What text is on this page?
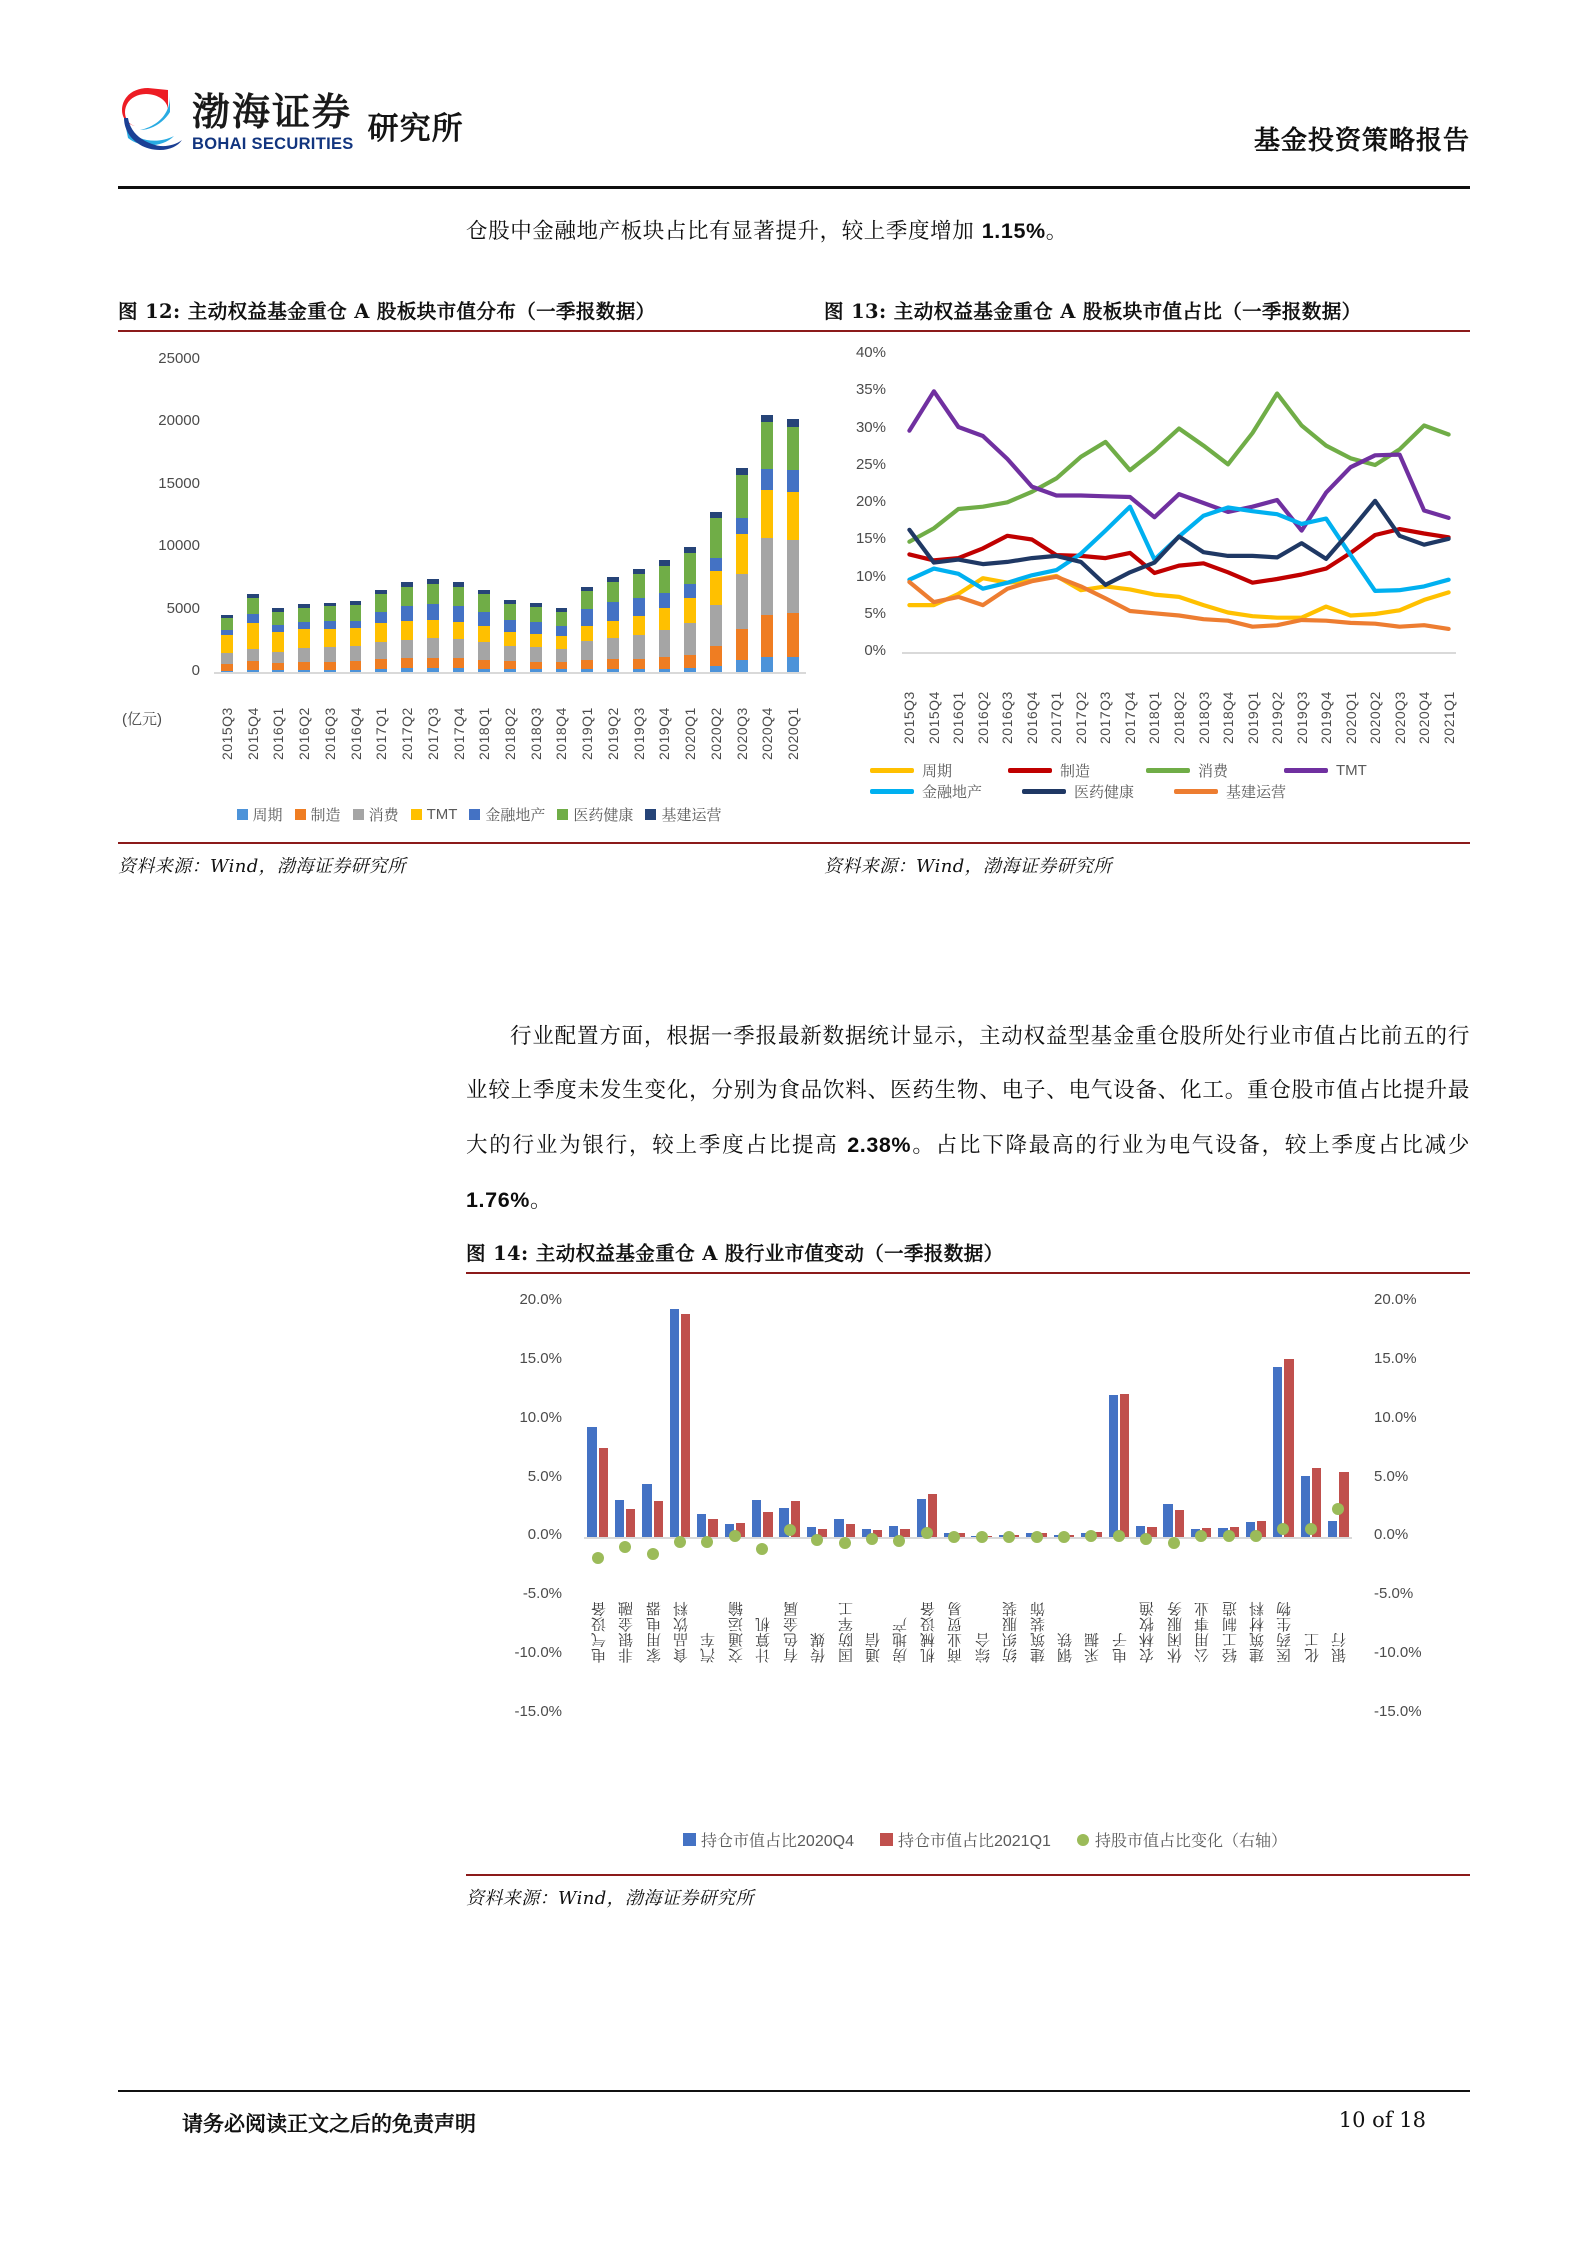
渤海证券
BOHAI SECURITIES 研究所	基金投资策略报告
仓股中金融地产板块占比有显著提升，较上季度增加 1.15%。
图 12: 主动权益基金重仓 A 股板块市值分布（一季报数据）
25000
20000
15000
10000
5000
0
(亿元)	2015Q3 2015Q4 2016Q1 2016Q2 2016Q3 2016Q4 2017Q1 2017Q2 2017Q3 2017Q4 2018Q1 2018Q2 2018Q3 2018Q4 2019Q1 2019Q2 2019Q3 2019Q4 2020Q1 2020Q2 2020Q3 2020Q4 2020Q1
周期 制造 消费 TMT 金融地产 医药健康 基建运营
资料来源：Wind，渤海证券研究所
图 13: 主动权益基金重仓 A 股板块市值占比（一季报数据）
0%
5%
10%
15%
20%
25%
30%
35%
40%
2015Q3 2015Q4 2016Q1 2016Q2 2016Q3 2016Q4 2017Q1 2017Q2 2017Q3 2017Q4 2018Q1 2018Q2 2018Q3 2018Q4 2019Q1 2019Q2 2019Q3 2019Q4 2020Q1 2020Q2 2020Q3 2020Q4 2021Q1
周期	制造	消费	TMT
金融地产	医药健康	基建运营
资料来源：Wind，渤海证券研究所
行业配置方面，根据一季报最新数据统计显示，主动权益型基金重仓股所处行业市值占比前五的行业较上季度未发生变化，分别为食品饮料、医药生物、电子、电气设备、化工。重仓股市值占比提升最大的行业为银行，较上季度占比提高 2.38%。占比下降最高的行业为电气设备，较上季度占比减少 1.76%。
图 14: 主动权益基金重仓 A 股行业市值变动（一季报数据）
-15.0%	-15.0%
-10.0%	-10.0%
-5.0%	-5.0%
0.0%	0.0%
5.0%	5.0%
10.0%	10.0%
15.0%	15.0%
20.0%	20.0%
电气设备 非银金融 家用电器 食品饮料 汽车 交通运输 计算机 有色金属 传媒 国防军工 通信 房地产 机械设备 商业贸易 综合 纺织服装 建筑装饰 钢铁 采掘 电子 农林牧渔 休闲服务 公用事业 轻工制造 建筑材料 医药生物 化工 银行
持仓市值占比2020Q4	持仓市值占比2021Q1	持股市值占比变化（右轴）
资料来源：Wind，渤海证券研究所
请务必阅读正文之后的免责声明	10 of 18
